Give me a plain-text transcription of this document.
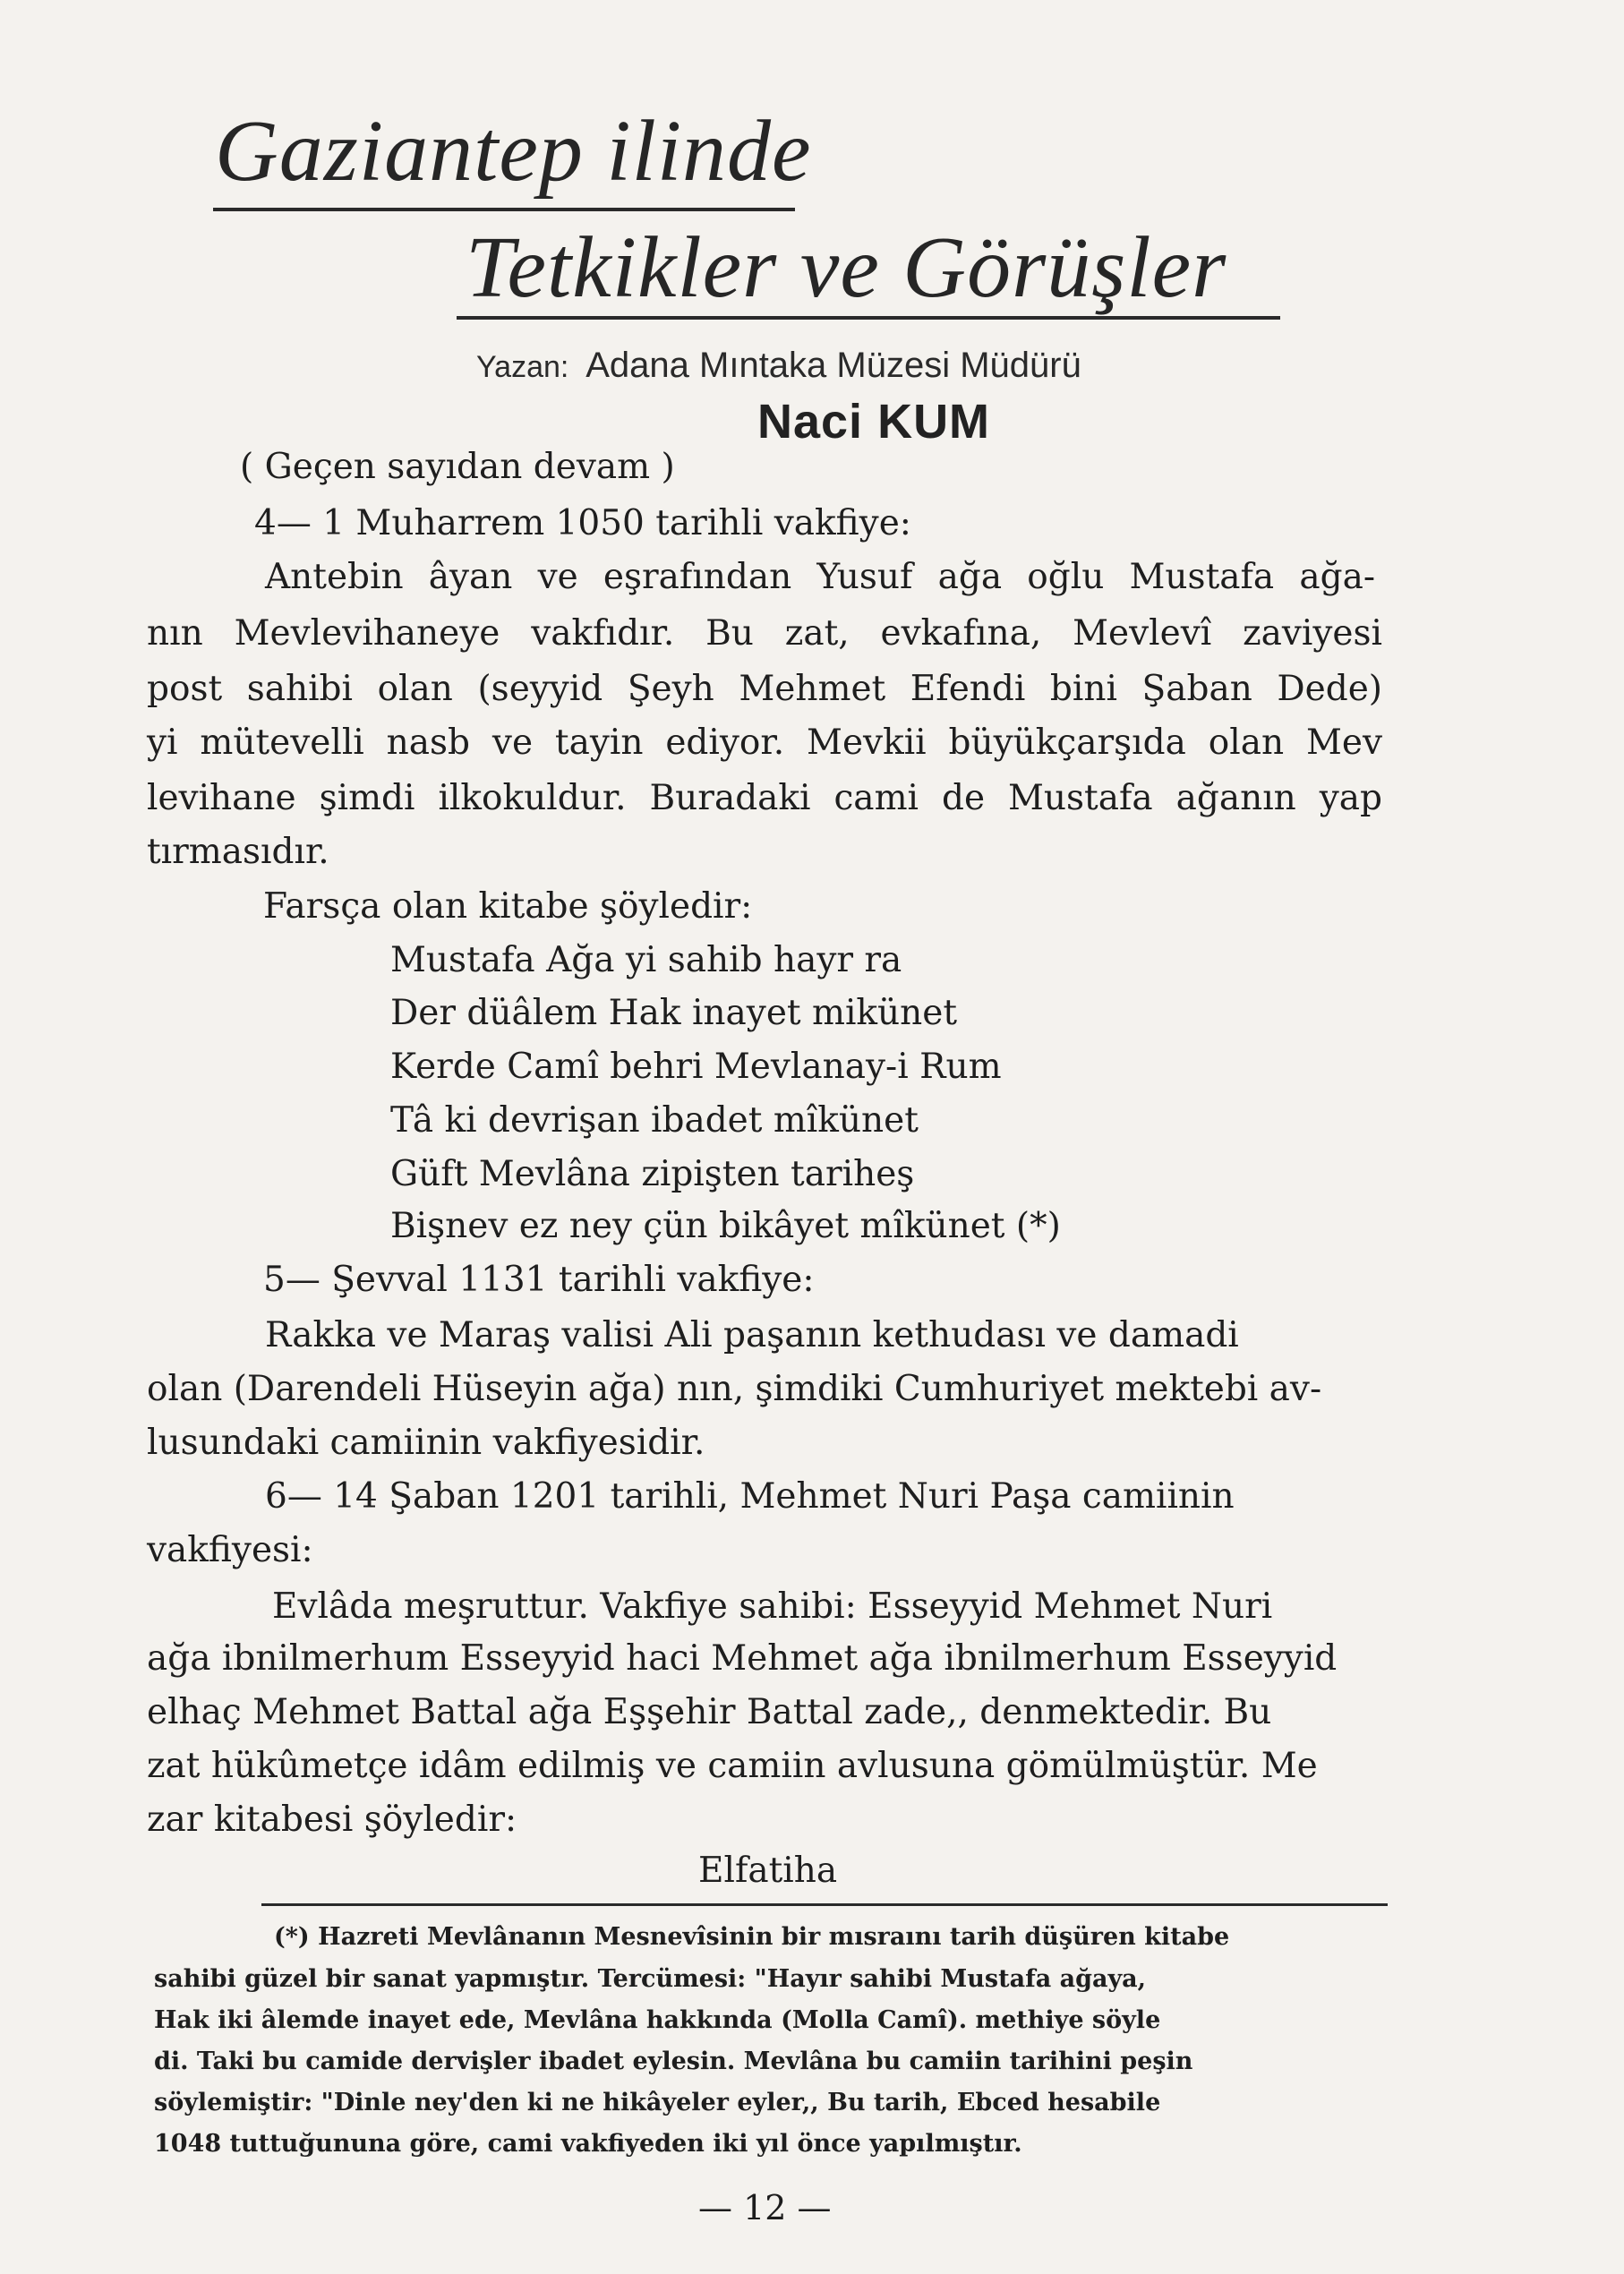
Gaziantep ilinde
Tetkikler ve Görüşler
Yazan: Adana Mıntaka Müzesi Müdürü
Naci KUM
( Geçen sayıdan devam )
4— 1 Muharrem 1050 tarihli vakfiye:
Antebin âyan ve eşrafından Yusuf ağa oğlu Mustafa ağa-
nın Mevlevihaneye vakfıdır. Bu zat, evkafına, Mevlevî zaviyesi
post sahibi olan (seyyid Şeyh Mehmet Efendi bini Şaban Dede)
yi mütevelli nasb ve tayin ediyor. Mevkii büyükçarşıda olan Mev
levihane şimdi ilkokuldur. Buradaki cami de Mustafa ağanın yap
tırmasıdır.
Farsça olan kitabe şöyledir:
Mustafa Ağa yi sahib hayr ra
Der düâlem Hak inayet mikünet
Kerde Camî behri Mevlanay-i Rum
Tâ ki devrişan ibadet mîkünet
Güft Mevlâna zipişten tariheş
Bişnev ez ney çün bikâyet mîkünet (*)
5— Şevval 1131 tarihli vakfiye:
Rakka ve Maraş valisi Ali paşanın kethudası ve damadi
olan (Darendeli Hüseyin ağa) nın, şimdiki Cumhuriyet mektebi av-
lusundaki camiinin vakfiyesidir.
6— 14 Şaban 1201 tarihli, Mehmet Nuri Paşa camiinin
vakfiyesi:
Evlâda meşruttur. Vakfiye sahibi: Esseyyid Mehmet Nuri
ağa ibnilmerhum Esseyyid haci Mehmet ağa ibnilmerhum Esseyyid
elhaç Mehmet Battal ağa Eşşehir Battal zade,, denmektedir. Bu
zat hükûmetçe idâm edilmiş ve camiin avlusuna gömülmüştür. Me
zar kitabesi şöyledir:
Elfatiha
(*) Hazreti Mevlânanın Mesnevîsinin bir mısraını tarih düşüren kitabe
sahibi güzel bir sanat yapmıştır. Tercümesi: "Hayır sahibi Mustafa ağaya,
Hak iki âlemde inayet ede, Mevlâna hakkında (Molla Camî). methiye söyle
di. Taki bu camide dervişler ibadet eylesin. Mevlâna bu camiin tarihini peşin
söylemiştir: "Dinle ney'den ki ne hikâyeler eyler,, Bu tarih, Ebced hesabile
1048 tuttuğununa göre, cami vakfiyeden iki yıl önce yapılmıştır.
— 12 —
